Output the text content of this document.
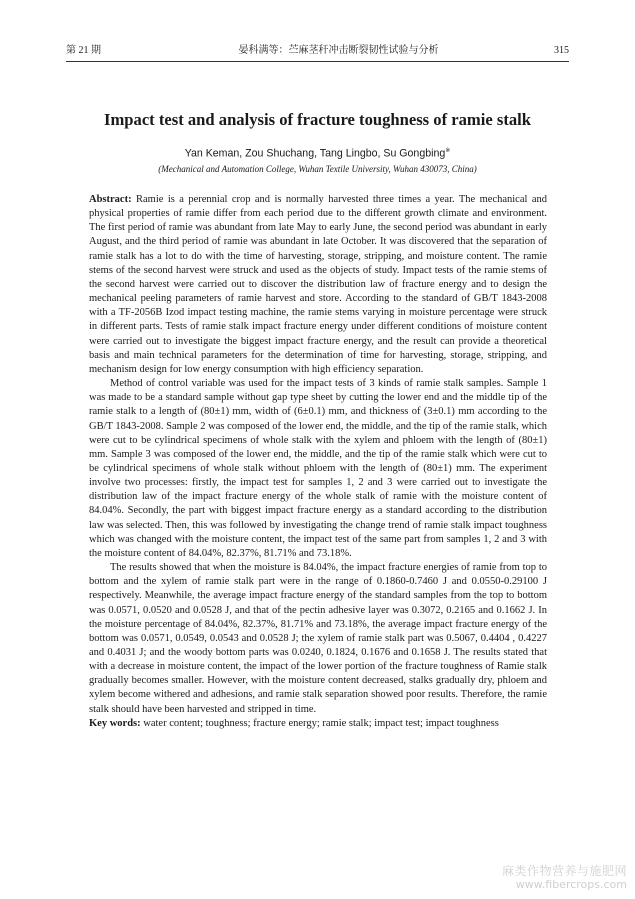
第 21 期	晏科满等：苎麻茎秆冲击断裂韧性试验与分析	315
Impact test and analysis of fracture toughness of ramie stalk
Yan Keman, Zou Shuchang, Tang Lingbo, Su Gongbing※
(Mechanical and Automation College, Wuhan Textile University, Wuhan 430073, China)

Abstract: Ramie is a perennial crop and is normally harvested three times a year. The mechanical and physical properties of ramie differ from each period due to the different growth climate and environment. The first period of ramie was abundant from late May to early June, the second period was abundant in early August, and the third period of ramie was abundant in late October. It was discovered that the separation of ramie stalk has a lot to do with the time of harvesting, storage, stripping, and moisture content. The ramie stems of the second harvest were struck and used as the objects of study. Impact tests of the ramie stems of the second harvest were carried out to discover the distribution law of fracture energy and to design the mechanical peeling parameters of ramie harvest and store. According to the standard of GB/T 1843-2008 with a TF-2056B Izod impact testing machine, the ramie stems varying in moisture percentage were struck in different parts. Tests of ramie stalk impact fracture energy under different conditions of moisture content were carried out to investigate the biggest impact fracture energy, and the result can provide a theoretical basis and main technical parameters for the determination of time for harvesting, storage, stripping, and mechanism design for low energy consumption with high efficiency separation.

Method of control variable was used for the impact tests of 3 kinds of ramie stalk samples. Sample 1 was made to be a standard sample without gap type sheet by cutting the lower end and the middle tip of the ramie stalk to a length of (80±1) mm, width of (6±0.1) mm, and thickness of (3±0.1) mm according to the GB/T 1843-2008. Sample 2 was composed of the lower end, the middle, and the tip of the ramie stalk, which were cut to be cylindrical specimens of whole stalk with the xylem and phloem with the length of (80±1) mm. Sample 3 was composed of the lower end, the middle, and the tip of the ramie stalk which were cut to be cylindrical specimens of whole stalk without phloem with the length of (80±1) mm. The experiment involve two processes: firstly, the impact test for samples 1, 2 and 3 were carried out to investigate the distribution law of the impact fracture energy of the whole stalk of ramie with the moisture content of 84.04%. Secondly, the part with biggest impact fracture energy as a standard according to the distribution law was selected. Then, this was followed by investigating the change trend of ramie stalk impact toughness which was changed with the moisture content, the impact test of the same part from samples 1, 2 and 3 with the moisture content of 84.04%, 82.37%, 81.71% and 73.18%.

The results showed that when the moisture is 84.04%, the impact fracture energies of ramie from top to bottom and the xylem of ramie stalk part were in the range of 0.1860-0.7460 J and 0.0550-0.29100 J respectively. Meanwhile, the average impact fracture energy of the standard samples from the top to bottom was 0.0571, 0.0520 and 0.0528 J, and that of the pectin adhesive layer was 0.3072, 0.2165 and 0.1662 J. In the moisture percentage of 84.04%, 82.37%, 81.71% and 73.18%, the average impact fracture energy of the bottom was 0.0571, 0.0549, 0.0543 and 0.0528 J; the xylem of ramie stalk part was 0.5067, 0.4404 , 0.4227 and 0.4031 J; and the woody bottom parts was 0.0240, 0.1824, 0.1676 and 0.1658 J. The results stated that with a decrease in moisture content, the impact of the lower portion of the fracture toughness of Ramie stalk gradually becomes smaller. However, with the moisture content decreased, stalks gradually dry, phloem and xylem become withered and adhesions, and ramie stalk separation showed poor results. Therefore, the ramie stalk should have been harvested and stripped in time.

Key words: water content; toughness; fracture energy; ramie stalk; impact test; impact toughness

麻类作物营养与施肥网
www.fibercrops.com
